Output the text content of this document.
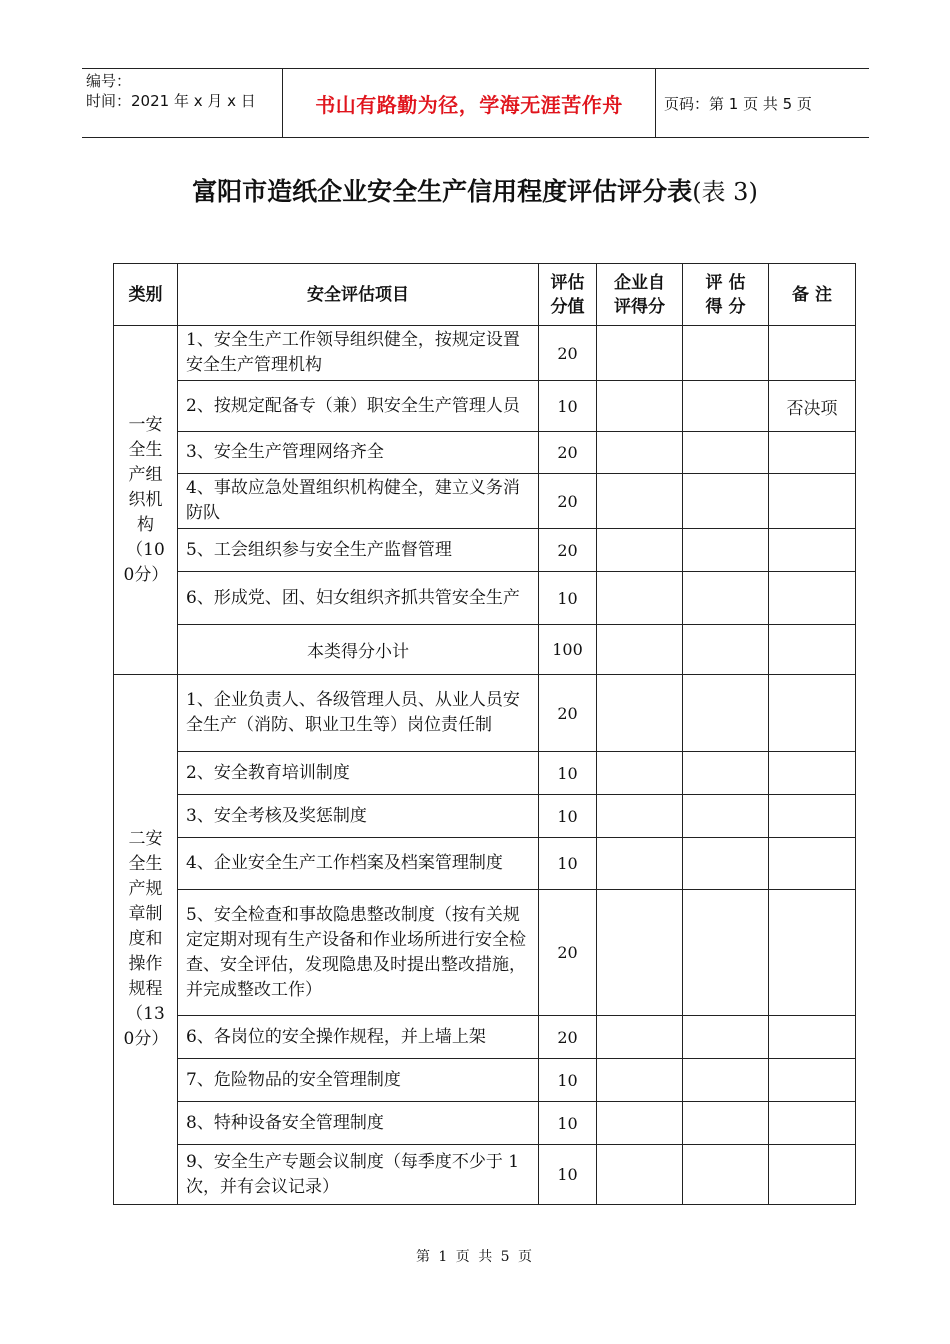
编号：
时间：2021 年 x 月 x 日	书山有路勤为径，学海无涯苦作舟	页码：第 1 页 共 5 页
富阳市造纸企业安全生产信用程度评估评分表(表 3)
类别	安全评估项目	评估分值	企业自评得分	评 估 得 分	备 注
一安全生产组织机构（100分）	1、安全生产工作领导组织健全，按规定设置安全生产管理机构	20			
	2、按规定配备专（兼）职安全生产管理人员	10			否决项
	3、安全生产管理网络齐全	20			
	4、事故应急处置组织机构健全，建立义务消防队	20			
	5、工会组织参与安全生产监督管理	20			
	6、形成党、团、妇女组织齐抓共管安全生产	10			
	本类得分小计	100			
二安全生产规章制度和操作规程（130分）	1、企业负责人、各级管理人员、从业人员安全生产（消防、职业卫生等）岗位责任制	20			
	2、安全教育培训制度	10			
	3、安全考核及奖惩制度	10			
	4、企业安全生产工作档案及档案管理制度	10			
	5、安全检查和事故隐患整改制度（按有关规定定期对现有生产设备和作业场所进行安全检查、安全评估，发现隐患及时提出整改措施，并完成整改工作）	20			
	6、各岗位的安全操作规程，并上墙上架	20			
	7、危险物品的安全管理制度	10			
	8、特种设备安全管理制度	10			
	9、安全生产专题会议制度（每季度不少于 1 次，并有会议记录）	10			
第 1 页 共 5 页
